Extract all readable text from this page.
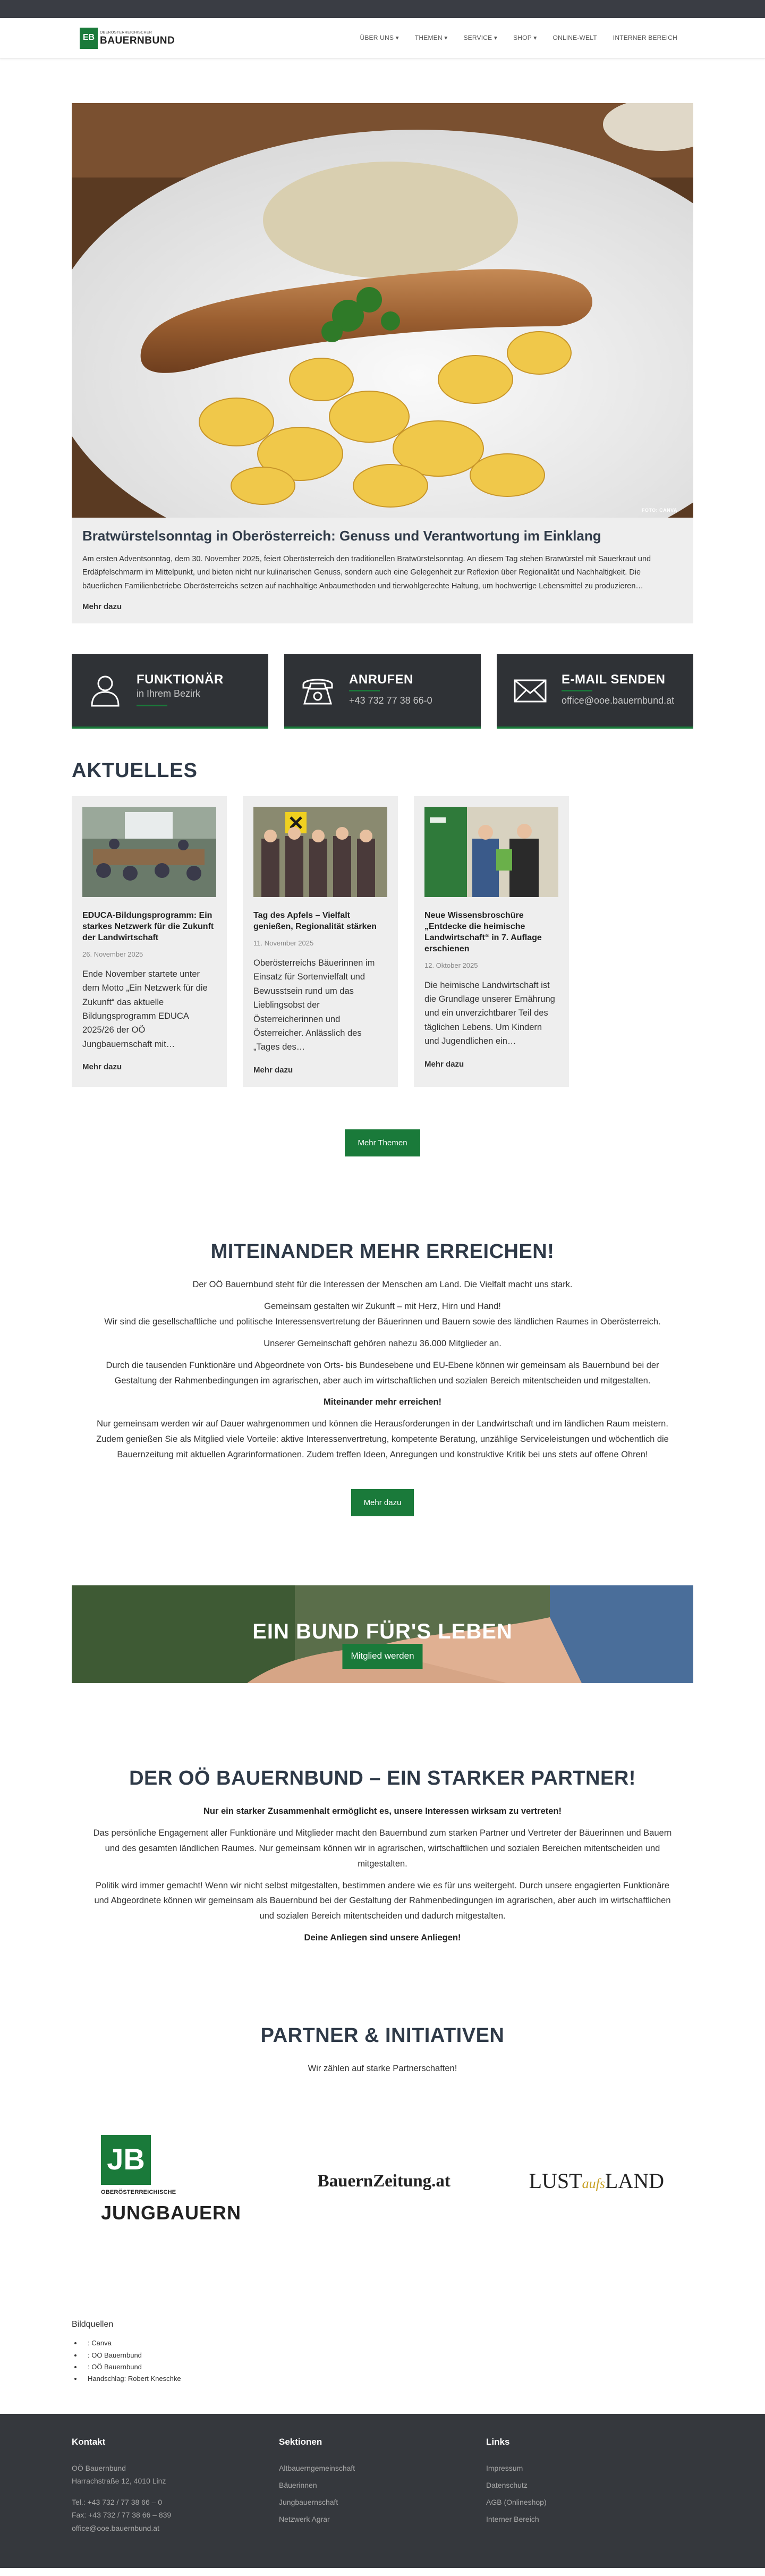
EB
OBERÖSTERREICHISCHER
BAUERNBUND	ÜBER UNS ▾	THEMEN ▾	SERVICE ▾	SHOP ▾	ONLINE-WELT	INTERNER BEREICH
FOTO: CANVA
Bratwürstelsonntag in Oberösterreich: Genuss und Verantwortung im Einklang

Am ersten Adventsonntag, dem 30. November 2025, feiert Oberösterreich den traditionellen Bratwürstelsonntag. An diesem Tag stehen Bratwürstel mit Sauerkraut und Erdäpfelschmarrn im Mittelpunkt, und bieten nicht nur kulinarischen Genuss, sondern auch eine Gelegenheit zur Reflexion über Regionalität und Nachhaltigkeit. Die bäuerlichen Familienbetriebe Oberösterreichs setzen auf nachhaltige Anbaumethoden und tierwohlgerechte Haltung, um hochwertige Lebensmittel zu produzieren…

Mehr dazu
FUNKTIONÄR
in Ihrem Bezirk
ANRUFEN
+43 732 77 38 66-0
E-MAIL SENDEN
office@ooe.bauernbund.at
AKTUELLES
EDUCA-Bildungsprogramm: Ein starkes Netzwerk für die Zukunft der Landwirtschaft
26. November 2025

Ende November startete unter dem Motto „Ein Netzwerk für die Zukunft“ das aktuelle Bildungsprogramm EDUCA 2025/26 der OÖ Jungbauernschaft mit…

Mehr dazu
Tag des Apfels – Vielfalt genießen, Regionalität stärken
11. November 2025

Oberösterreichs Bäuerinnen im Einsatz für Sortenvielfalt und Bewusstsein rund um das Lieblingsobst der Österreicherinnen und Österreicher. Anlässlich des „Tages des…

Mehr dazu
Neue Wissensbroschüre „Entdecke die heimische Landwirtschaft“ in 7. Auflage erschienen
12. Oktober 2025

Die heimische Landwirtschaft ist die Grundlage unserer Ernährung und ein unverzichtbarer Teil des täglichen Lebens. Um Kindern und Jugendlichen ein…

Mehr dazu
Mehr Themen
MITEINANDER MEHR ERREICHEN!

Der OÖ Bauernbund steht für die Interessen der Menschen am Land. Die Vielfalt macht uns stark.

Gemeinsam gestalten wir Zukunft – mit Herz, Hirn und Hand!

Wir sind die gesellschaftliche und politische Interessensvertretung der Bäuerinnen und Bauern sowie des ländlichen Raumes in Oberösterreich.

Unserer Gemeinschaft gehören nahezu 36.000 Mitglieder an.

Durch die tausenden Funktionäre und Abgeordnete von Orts- bis Bundesebene und EU-Ebene können wir gemeinsam als Bauernbund bei der Gestaltung der Rahmenbedingungen im agrarischen, aber auch im wirtschaftlichen und sozialen Bereich mitentscheiden und mitgestalten.

Miteinander mehr erreichen!

Nur gemeinsam werden wir auf Dauer wahrgenommen und können die Herausforderungen in der Landwirtschaft und im ländlichen Raum meistern. Zudem genießen Sie als Mitglied viele Vorteile: aktive Interessenvertretung, kompetente Beratung, unzählige Serviceleistungen und wöchentlich die Bauernzeitung mit aktuellen Agrarinformationen. Zudem treffen Ideen, Anregungen und konstruktive Kritik bei uns stets auf offene Ohren!

Mehr dazu
EIN BUND FÜR'S LEBEN
Mitglied werden
DER OÖ BAUERNBUND – EIN STARKER PARTNER!

Nur ein starker Zusammenhalt ermöglicht es, unsere Interessen wirksam zu vertreten!

Das persönliche Engagement aller Funktionäre und Mitglieder macht den Bauernbund zum starken Partner und Vertreter der Bäuerinnen und Bauern und des gesamten ländlichen Raumes. Nur gemeinsam können wir in agrarischen, wirtschaftlichen und sozialen Bereichen mitentscheiden und mitgestalten.

Politik wird immer gemacht! Wenn wir nicht selbst mitgestalten, bestimmen andere wie es für uns weitergeht. Durch unsere engagierten Funktionäre und Abgeordnete können wir gemeinsam als Bauernbund bei der Gestaltung der Rahmenbedingungen im agrarischen, aber auch im wirtschaftlichen und sozialen Bereich mitentscheiden und dadurch mitgestalten.

Deine Anliegen sind unsere Anliegen!

PARTNER & INITIATIVEN

Wir zählen auf starke Partnerschaften!

JB
OBERÖSTERREICHISCHE
JUNGBAUERN
BauernZeitung.at	LUSTaufsLAND
Bildquellen
• : Canva
• : OÖ Bauernbund
• : OÖ Bauernbund
• Handschlag: Robert Kneschke
Kontakt

OÖ Bauernbund

Harrachstraße 12, 4010 Linz

Tel.: +43 732 / 77 38 66 – 0

Fax: +43 732 / 77 38 66 – 839

office@ooe.bauernbund.at

Sektionen
Altbauerngemeinschaft
Bäuerinnen
Jungbauernschaft
Netzwerk Agrar
Links
Impressum
Datenschutz
AGB (Onlineshop)
Interner Bereich
